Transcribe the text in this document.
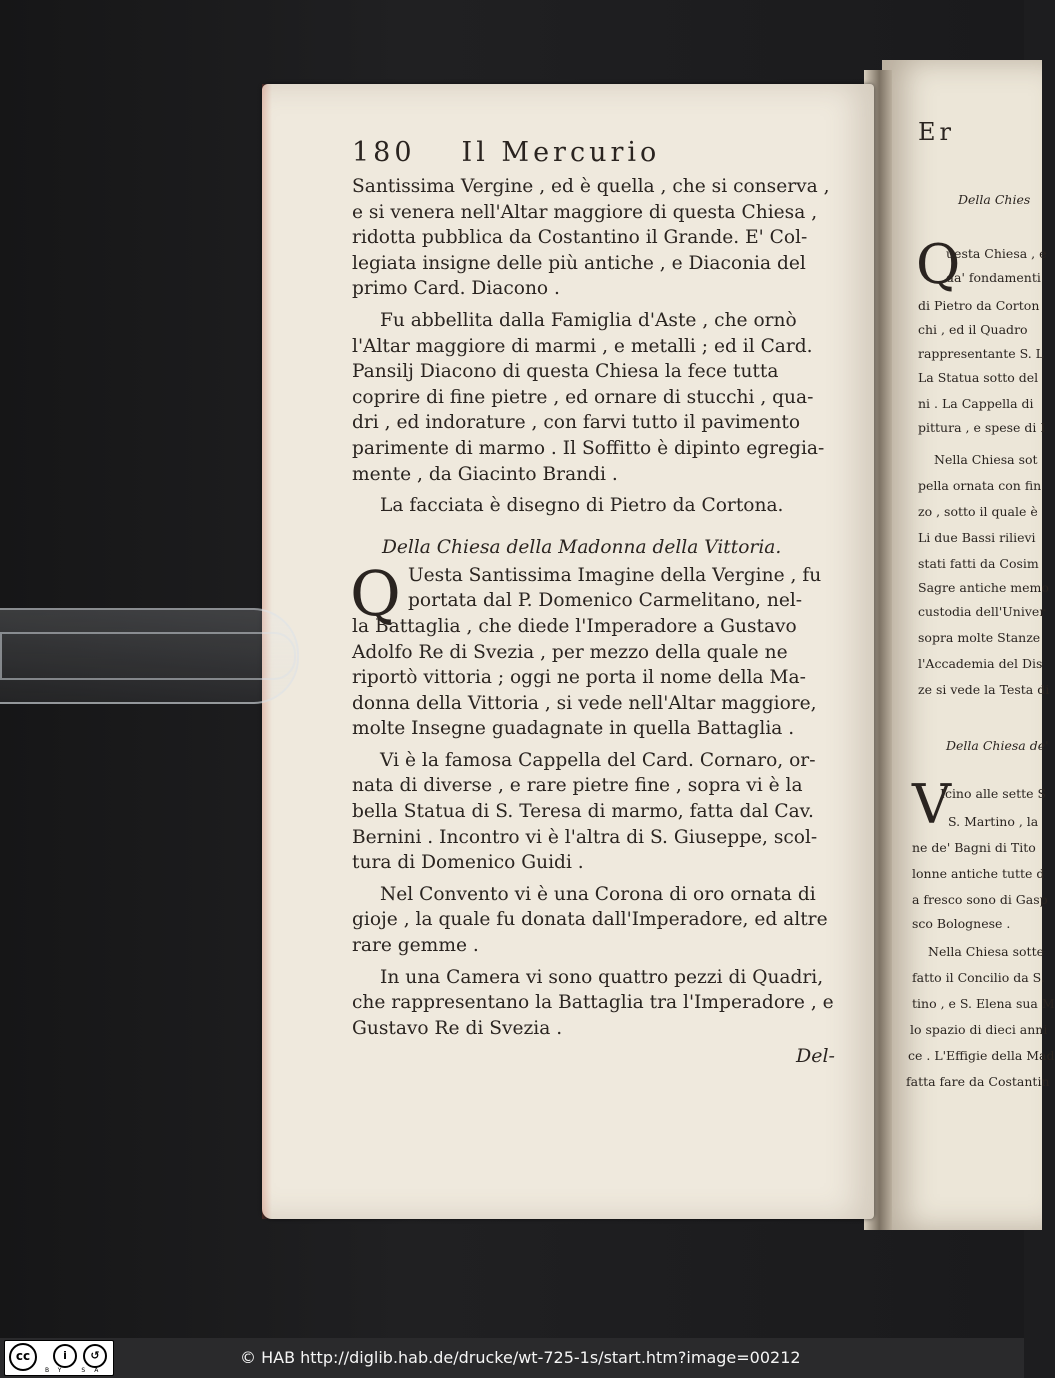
180 Il Mercurio
Santissima Vergine , ed è quella , che si conserva ,
e si venera nell'Altar maggiore di questa Chiesa ,
ridotta pubblica da Costantino il Grande. E' Col-
legiata insigne delle più antiche , e Diaconia del
primo Card. Diacono .
Fu abbellita dalla Famiglia d'Aste , che ornò
l'Altar maggiore di marmi , e metalli ; ed il Card.
Pansilj Diacono di questa Chiesa la fece tutta
coprire di fine pietre , ed ornare di stucchi , qua-
dri , ed indorature , con farvi tutto il pavimento
parimente di marmo . Il Soffitto è dipinto egregia-
mente , da Giacinto Brandi .
La facciata è disegno di Pietro da Cortona.
Della Chiesa della Madonna della Vittoria.
Q Uesta Santissima Imagine della Vergine , fu
portata dal P. Domenico Carmelitano, nel-
la Battaglia , che diede l'Imperadore a Gustavo
Adolfo Re di Svezia , per mezzo della quale ne
riportò vittoria ; oggi ne porta il nome della Ma-
donna della Vittoria , si vede nell'Altar maggiore,
molte Insegne guadagnate in quella Battaglia .
Vi è la famosa Cappella del Card. Cornaro, or-
nata di diverse , e rare pietre fine , sopra vi è la
bella Statua di S. Teresa di marmo, fatta dal Cav.
Bernini . Incontro vi è l'altra di S. Giuseppe, scol-
tura di Domenico Guidi .
Nel Convento vi è una Corona di oro ornata di
gioje , la quale fu donata dall'Imperadore, ed altre
rare gemme .
In una Camera vi sono quattro pezzi di Quadri,
che rappresentano la Battaglia tra l'Imperadore , e
Gustavo Re di Svezia .
Del-
Er
Della Chies
Q
uesta Chiesa , e
da' fondamenti
di Pietro da Corton
chi , ed il Quadro
rappresentante S. L
La Statua sotto del
ni . La Cappella di
pittura , e spese di I
Nella Chiesa sot
pella ornata con fin
zo , sotto il quale è
Li due Bassi rilievi
stati fatti da Cosim
Sagre antiche memo
custodia dell'Univer
sopra molte Stanze
l'Accademia del Dis
ze si vede la Testa di
Della Chiesa de'
V
Icino alle sette S
S. Martino , la
ne de' Bagni di Tito
lonne antiche tutte d
a fresco sono di Gasp
sco Bolognese .
Nella Chiesa sotte
fatto il Concilio da S.
tino , e S. Elena sua M
lo spazio di dieci anni
ce . L'Effigie della Mad
fatta fare da Costantin
cc	i	↺
BY SA
© HAB http://diglib.hab.de/drucke/wt-725-1s/start.htm?image=00212
